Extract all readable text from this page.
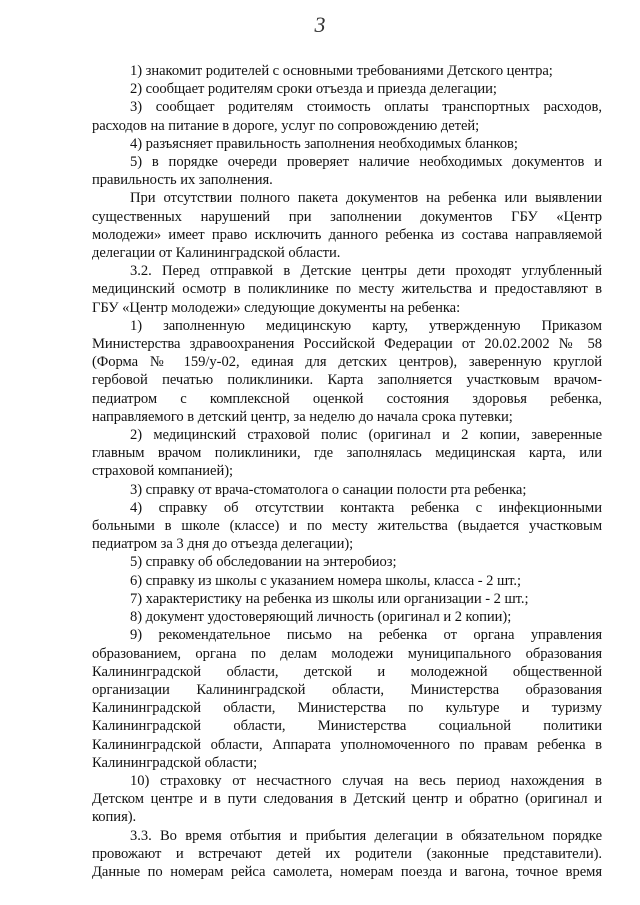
3

1) знакомит родителей с основными требованиями Детского центра;

2) сообщает родителям сроки отъезда и приезда делегации;

3) сообщает родителям стоимость оплаты транспортных расходов,

расходов на питание в дороге, услуг по сопровождению детей;

4) разъясняет правильность заполнения необходимых бланков;

5) в порядке очереди проверяет наличие необходимых документов и

правильность их заполнения.

При отсутствии полного пакета документов на ребенка или выявлении

существенных нарушений при заполнении документов ГБУ «Центр

молодежи» имеет право исключить данного ребенка из состава направляемой

делегации от Калининградской области.

3.2. Перед отправкой в Детские центры дети проходят углубленный

медицинский осмотр в поликлинике по месту жительства и предоставляют в

ГБУ «Центр молодежи» следующие документы на ребенка:

1) заполненную медицинскую карту, утвержденную Приказом

Министерства здравоохранения Российской Федерации от 20.02.2002 № 58

(Форма № 159/у-02, единая для детских центров), заверенную круглой

гербовой печатью поликлиники. Карта заполняется участковым врачом-

педиатром с комплексной оценкой состояния здоровья ребенка,

направляемого в детский центр, за неделю до начала срока путевки;

2) медицинский страховой полис (оригинал и 2 копии, заверенные

главным врачом поликлиники, где заполнялась медицинская карта, или

страховой компанией);

3) справку от врача-стоматолога о санации полости рта ребенка;

4) справку об отсутствии контакта ребенка с инфекционными

больными в школе (классе) и по месту жительства (выдается участковым

педиатром за 3 дня до отъезда делегации);

5) справку об обследовании на энтеробиоз;

6) справку из школы с указанием номера школы, класса - 2 шт.;

7) характеристику на ребенка из школы или организации - 2 шт.;

8) документ удостоверяющий личность (оригинал и 2 копии);

9) рекомендательное письмо на ребенка от органа управления

образованием, органа по делам молодежи муниципального образования

Калининградской области, детской и молодежной общественной

организации Калининградской области, Министерства образования

Калининградской области, Министерства по культуре и туризму

Калининградской области, Министерства социальной политики

Калининградской области, Аппарата уполномоченного по правам ребенка в

Калининградской области;

10) страховку от несчастного случая на весь период нахождения в

Детском центре и в пути следования в Детский центр и обратно (оригинал и

копия).

3.3. Во время отбытия и прибытия делегации в обязательном порядке

провожают и встречают детей их родители (законные представители).

Данные по номерам рейса самолета, номерам поезда и вагона, точное время
